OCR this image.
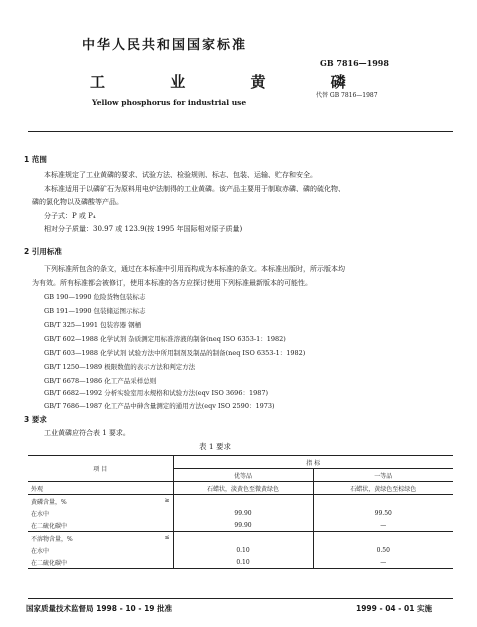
中华人民共和国国家标准
GB 7816—1998
工 业 黄 磷
代替 GB 7816—1987
Yellow phosphorus for industrial use
1 范围
本标准规定了工业黄磷的要求、试验方法、检验规则、标志、包装、运输、贮存和安全。
本标准适用于以磷矿石为原料用电炉法制得的工业黄磷。该产品主要用于制取赤磷、磷的硫化物、
磷的氯化物以及磷酸等产品。
分子式：P 或 P₄
相对分子质量：30.97 或 123.9(按 1995 年国际相对原子质量)
2 引用标准
下列标准所包含的条文，通过在本标准中引用而构成为本标准的条文。本标准出版时，所示版本均
为有效。所有标准都会被修订，使用本标准的各方应探讨使用下列标准最新版本的可能性。
GB 190—1990 危险货物包装标志
GB 191—1990 包装储运图示标志
GB/T 325—1991 包装容器 钢桶
GB/T 602—1988 化学试剂 杂质测定用标准溶液的制备(neq ISO 6353-1：1982)
GB/T 603—1988 化学试剂 试验方法中所用制剂及制品的制备(neq ISO 6353-1：1982)
GB/T 1250—1989 极限数值的表示方法和判定方法
GB/T 6678—1986 化工产品采样总则
GB/T 6682—1992 分析实验室用水规格和试验方法(eqv ISO 3696：1987)
GB/T 7686—1987 化工产品中砷含量测定的通用方法(eqv ISO 2590：1973)
3 要求
工业黄磷应符合表 1 要求。
表 1 要求
项 目	指 标	
	优等品	一等品
外观	石蜡状，淡黄色至微黄绿色	石蜡状，黄绿色至棕绿色
黄磷含量，% ≥		

在水中	99.90	99.50
在二硫化碳中	99.90	—
不溶物含量，% ≤		

在水中	0.10	0.50
在二硫化碳中	0.10	—
国家质量技术监督局 1998 - 10 - 19 批准	1999 - 04 - 01 实施
